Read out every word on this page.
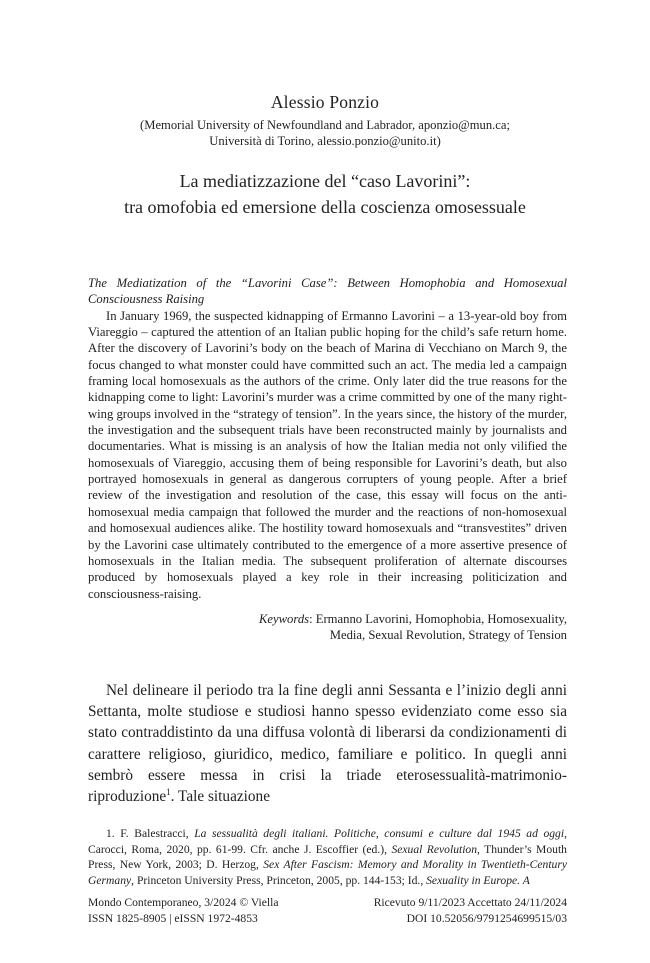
Alessio Ponzio
(Memorial University of Newfoundland and Labrador, aponzio@mun.ca;
Università di Torino, alessio.ponzio@unito.it)
La mediatizzazione del “caso Lavorini”:
tra omofobia ed emersione della coscienza omosessuale

The Mediatization of the “Lavorini Case”: Between Homophobia and Homosexual Consciousness Raising

In January 1969, the suspected kidnapping of Ermanno Lavorini – a 13-year-old boy from Viareggio – captured the attention of an Italian public hoping for the child’s safe return home. After the discovery of Lavorini’s body on the beach of Marina di Vecchiano on March 9, the focus changed to what monster could have committed such an act. The media led a campaign framing local homosexuals as the authors of the crime. Only later did the true reasons for the kidnapping come to light: Lavorini’s murder was a crime committed by one of the many right-wing groups involved in the “strategy of tension”. In the years since, the history of the murder, the investigation and the subsequent trials have been reconstructed mainly by journalists and documentaries. What is missing is an analysis of how the Italian media not only vilified the homosexuals of Viareggio, accusing them of being responsible for Lavorini’s death, but also portrayed homosexuals in general as dangerous corrupters of young people. After a brief review of the investigation and resolution of the case, this essay will focus on the anti-homosexual media campaign that followed the murder and the reactions of non-homosexual and homosexual audiences alike. The hostility toward homosexuals and “transvestites” driven by the Lavorini case ultimately contributed to the emergence of a more assertive presence of homosexuals in the Italian media. The subsequent proliferation of alternate discourses produced by homosexuals played a key role in their increasing politicization and consciousness-raising.

Keywords: Ermanno Lavorini, Homophobia, Homosexuality,
Media, Sexual Revolution, Strategy of Tension

Nel delineare il periodo tra la fine degli anni Sessanta e l’inizio degli anni Settanta, molte studiose e studiosi hanno spesso evidenziato come esso sia stato contraddistinto da una diffusa volontà di liberarsi da condizionamenti di carattere religioso, giuridico, medico, familiare e politico. In quegli anni sembrò essere messa in crisi la triade eterosessualità-matrimonio-riproduzione$^1$. Tale situazione

1. F. Balestracci, La sessualità degli italiani. Politiche, consumi e culture dal 1945 ad oggi, Carocci, Roma, 2020, pp. 61-99. Cfr. anche J. Escoffier (ed.), Sexual Revolution, Thunder’s Mouth Press, New York, 2003; D. Herzog, Sex After Fascism: Memory and Morality in Twentieth-Century Germany, Princeton University Press, Princeton, 2005, pp. 144-153; Id., Sexuality in Europe. A

Mondo Contemporaneo, 3/2024 © Viella
ISSN 1825-8905 | eISSN 1972-4853
Ricevuto 9/11/2023 Accettato 24/11/2024
DOI 10.52056/9791254699515/03
